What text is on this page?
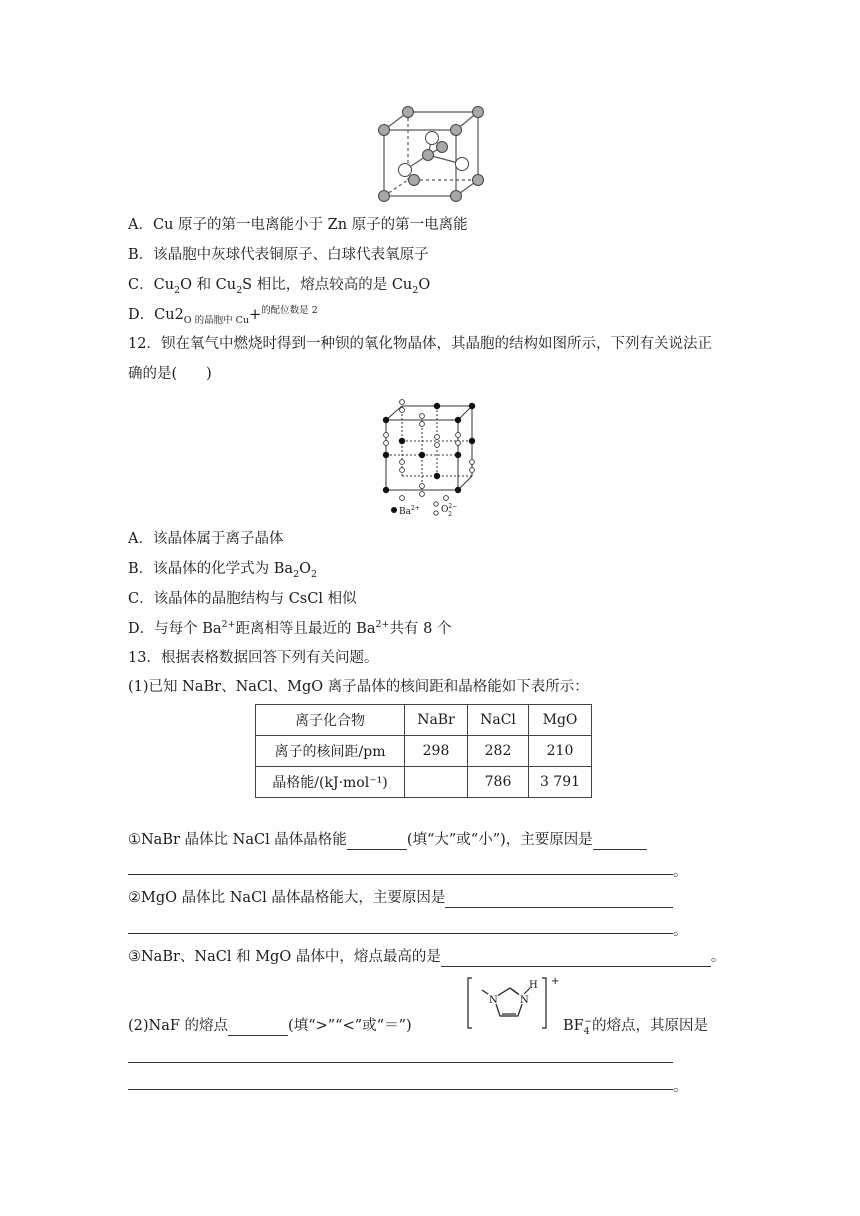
A．Cu 原子的第一电离能小于 Zn 原子的第一电离能
B．该晶胞中灰球代表铜原子、白球代表氧原子
C．$Cu_2O$ 和 $Cu_2S$ 相比，熔点较高的是 $Cu_2O$
D．$Cu2_{O 的晶胞中 Cu}+^{的配位数是 2}$
12．钡在氧气中燃烧时得到一种钡的氧化物晶体，其晶胞的结构如图所示，下列有关说法正
确的是(　　)
$Ba^{2+}$ $O^{2-}$ 2
A．该晶体属于离子晶体
B．该晶体的化学式为 $Ba_2O_2$
C．该晶体的晶胞结构与 CsCl 相似
D．与每个 $Ba^{2+}$距离相等且最近的 $Ba^{2+}$共有 8 个
13．根据表格数据回答下列有关问题。
(1)已知 NaBr、NaCl、MgO 离子晶体的核间距和晶格能如下表所示：
离子化合物	NaBr	NaCl	MgO
离子的核间距/pm	298	282	210
晶格能/(kJ·mol⁻¹)		786	3 791
①NaBr 晶体比 NaCl 晶体晶格能	(填“大”或“小”)，主要原因是
。
②MgO 晶体比 NaCl 晶体晶格能大，主要原因是
。
③NaBr、NaCl 和 MgO 晶体中，熔点最高的是	。
(2)NaF 的熔点	(填“>”“<”或“＝”)
N N
H +
$BF_4^-$的熔点，其原因是
。
